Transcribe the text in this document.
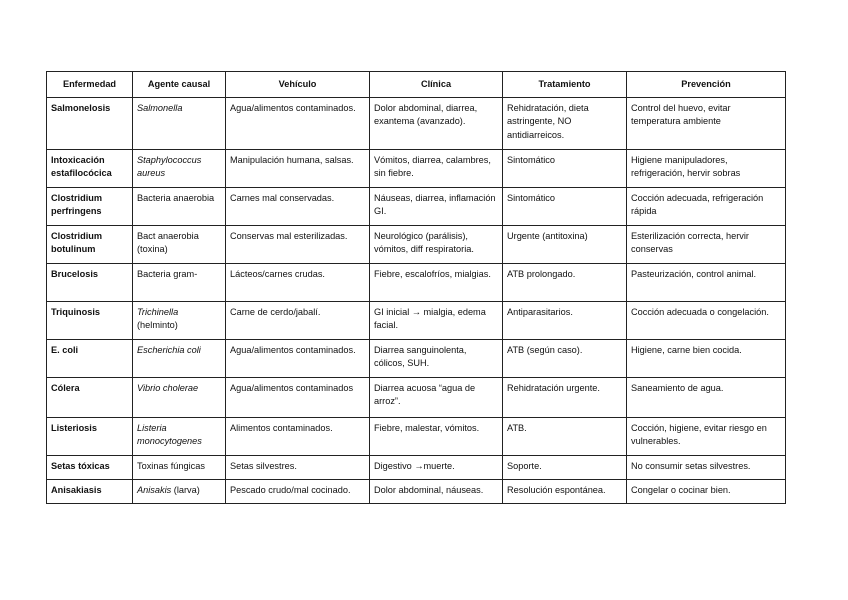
Enfermedad	Agente causal	Vehículo	Clínica	Tratamiento	Prevención
Salmonelosis	Salmonella	Agua/alimentos contaminados.	Dolor abdominal, diarrea, exantema (avanzado).	Rehidratación, dieta astringente, NO antidiarreicos.	Control del huevo, evitar temperatura ambiente
Intoxicación estafilocócica	Staphylococcus aureus	Manipulación humana, salsas.	Vómitos, diarrea, calambres, sin fiebre.	Sintomático	Higiene manipuladores, refrigeración, hervir sobras
Clostridium perfringens	Bacteria anaerobia	Carnes mal conservadas.	Náuseas, diarrea, inflamación GI.	Sintomático	Cocción adecuada, refrigeración rápida
Clostridium botulinum	Bact anaerobia (toxina)	Conservas mal esterilizadas.	Neurológico (parálisis), vómitos, diff respiratoria.	Urgente (antitoxina)	Esterilización correcta, hervir conservas
Brucelosis	Bacteria gram-	Lácteos/carnes crudas.	Fiebre, escalofríos, mialgias.	ATB prolongado.	Pasteurización, control animal.
Triquinosis	Trichinella (helminto)	Carne de cerdo/jabalí.	GI inicial → mialgia, edema facial.	Antiparasitarios.	Cocción adecuada o congelación.
E. coli	Escherichia coli	Agua/alimentos contaminados.	Diarrea sanguinolenta, cólicos, SUH.	ATB (según caso).	Higiene, carne bien cocida.
Cólera	Vibrio cholerae	Agua/alimentos contaminados	Diarrea acuosa “agua de arroz”.	Rehidratación urgente.	Saneamiento de agua.
Listeriosis	Listeria monocytogenes	Alimentos contaminados.	Fiebre, malestar, vómitos.	ATB.	Cocción, higiene, evitar riesgo en vulnerables.
Setas tóxicas	Toxinas fúngicas	Setas silvestres.	Digestivo →muerte.	Soporte.	No consumir setas silvestres.
Anisakiasis	Anisakis (larva)	Pescado crudo/mal cocinado.	Dolor abdominal, náuseas.	Resolución espontánea.	Congelar o cocinar bien.
